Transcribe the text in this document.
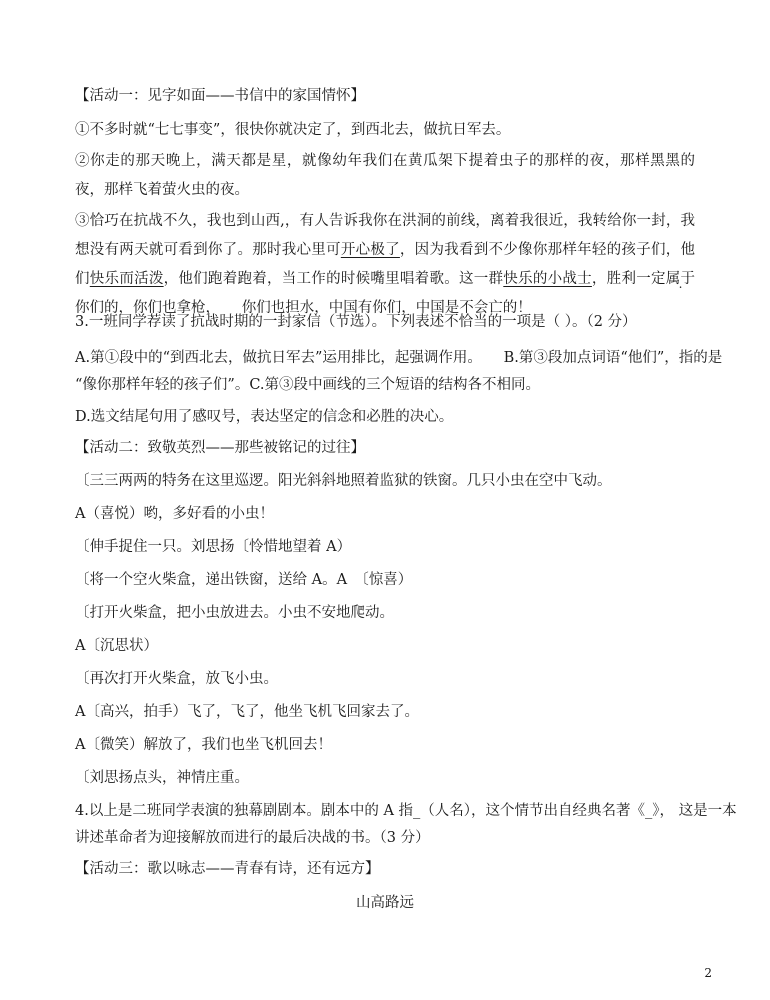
【活动一：见字如面——书信中的家国情怀】
①不多时就“七七事变”，很快你就决定了，到西北去，做抗日军去。
②你走的那天晚上，满天都是星，就像幼年我们在黄瓜架下提着虫子的那样的夜，那样黑黑的夜，那样飞着萤火虫的夜。
③恰巧在抗战不久，我也到山西,，有人告诉我你在洪洞的前线，离着我很近，我转给你一封，我想没有两天就可看到你了。那时我心里可开心极了，因为我看到不少像你那样年轻的孩子们，他们快乐而活泼，他们跑着跑着，当工作的时候嘴里唱着歌。这一群快乐的小战士，胜利一定属于你们的，你们也拿枪，　　你们也担水，中国有你们，中国是不会亡的！
3.一班同学荐读了抗战时期的一封家信（节选）。下列表述不恰当的一项是（ ）。（2 分）
A.第①段中的“到西北去，做抗日军去”运用排比，起强调作用。　　B.第③段加点词语“他们”，指的是
“像你那样年轻的孩子们”。C.第③段中画线的三个短语的结构各不相同。
D.选文结尾句用了感叹号，表达坚定的信念和必胜的决心。
【活动二：致敬英烈——那些被铭记的过往】
〔三三两两的特务在这里巡逻。阳光斜斜地照着监狱的铁窗。几只小虫在空中飞动。
A（喜悦）哟，多好看的小虫！
〔伸手捉住一只。刘思扬〔怜惜地望着 A）
〔将一个空火柴盒，递出铁窗，送给 A。A　〔惊喜）
〔打开火柴盒，把小虫放进去。小虫不安地爬动。
A〔沉思状）
〔再次打开火柴盒，放飞小虫。
A〔高兴，拍手）飞了，飞了，他坐飞机飞回家去了。
A〔微笑）解放了，我们也坐飞机回去！
〔刘思扬点头，神情庄重。
4.以上是二班同学表演的独幕剧剧本。剧本中的 A 指_（人名），这个情节出自经典名著《_》， 这是一本
讲述革命者为迎接解放而进行的最后决战的书。（3 分）
【活动三：歌以咏志——青春有诗，还有远方】
山高路远
2
